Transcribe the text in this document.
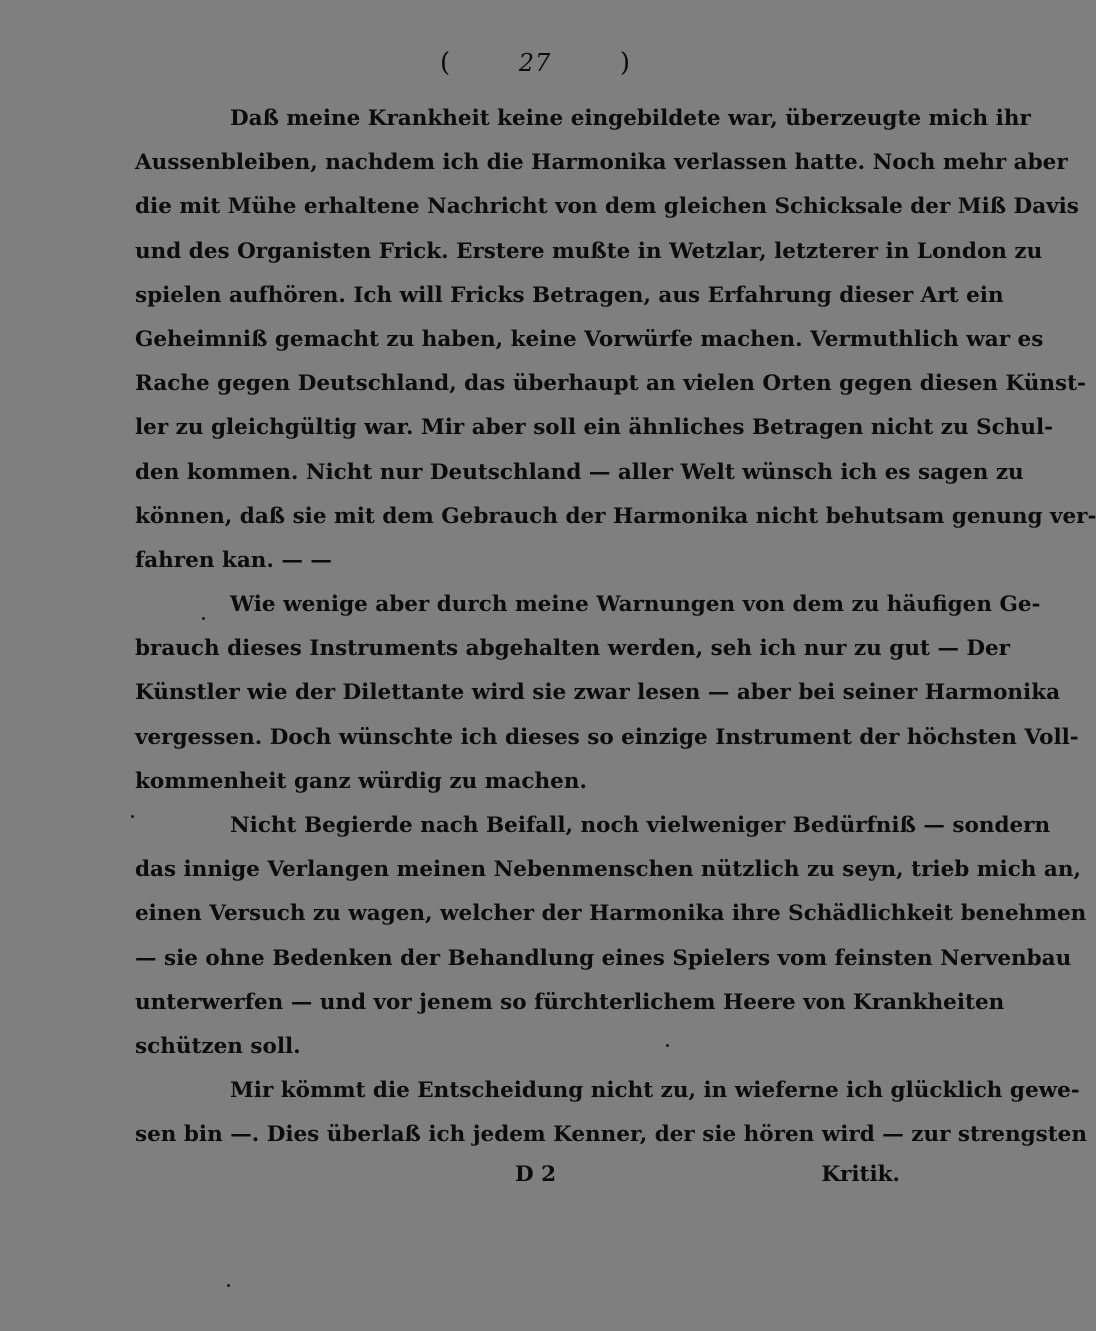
(	27	)
Daß meine Krankheit keine eingebildete war, überzeugte mich ihr
Aussenbleiben, nachdem ich die Harmonika verlassen hatte. Noch mehr aber
die mit Mühe erhaltene Nachricht von dem gleichen Schicksale der Miß Davis
und des Organisten Frick. Erstere mußte in Wetzlar, letzterer in London zu
spielen aufhören. Ich will Fricks Betragen, aus Erfahrung dieser Art ein
Geheimniß gemacht zu haben, keine Vorwürfe machen. Vermuthlich war es
Rache gegen Deutschland, das überhaupt an vielen Orten gegen diesen Künst-
ler zu gleichgültig war. Mir aber soll ein ähnliches Betragen nicht zu Schul-
den kommen. Nicht nur Deutschland — aller Welt wünsch ich es sagen zu
können, daß sie mit dem Gebrauch der Harmonika nicht behutsam genung ver-
fahren kan. — —
Wie wenige aber durch meine Warnungen von dem zu häufigen Ge-
brauch dieses Instruments abgehalten werden, seh ich nur zu gut — Der
Künstler wie der Dilettante wird sie zwar lesen — aber bei seiner Harmonika
vergessen. Doch wünschte ich dieses so einzige Instrument der höchsten Voll-
kommenheit ganz würdig zu machen.
Nicht Begierde nach Beifall, noch vielweniger Bedürfniß — sondern
das innige Verlangen meinen Nebenmenschen nützlich zu seyn, trieb mich an,
einen Versuch zu wagen, welcher der Harmonika ihre Schädlichkeit benehmen
— sie ohne Bedenken der Behandlung eines Spielers vom feinsten Nervenbau
unterwerfen — und vor jenem so fürchterlichem Heere von Krankheiten
schützen soll.
Mir kömmt die Entscheidung nicht zu, in wieferne ich glücklich gewe-
sen bin —. Dies überlaß ich jedem Kenner, der sie hören wird — zur strengsten
D 2	Kritik.
